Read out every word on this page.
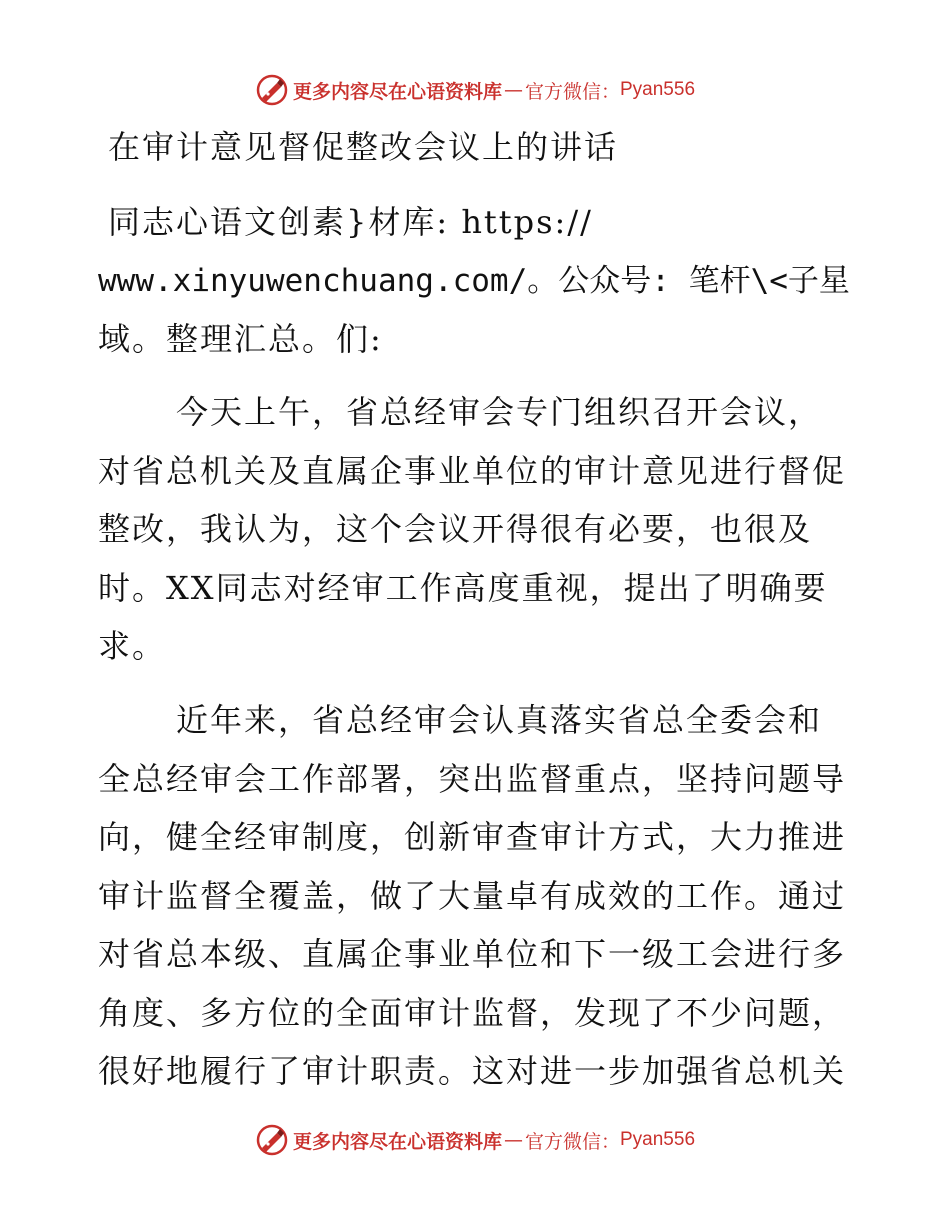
更多内容尽在心语资料库 — 官方微信： Pyan556
在审计意见督促整改会议上的讲话
同志心语文创素}材库: https://
www.xinyuwenchuang.com/。公众号: 笔杆\<子星
域。整理汇总。们:
今天上午，省总经审会专门组织召开会议，
对省总机关及直属企事业单位的审计意见进行督促
整改，我认为，这个会议开得很有必要，也很及
时。XX同志对经审工作高度重视，提出了明确要
求。
近年来，省总经审会认真落实省总全委会和
全总经审会工作部署，突出监督重点，坚持问题导
向，健全经审制度，创新审查审计方式，大力推进
审计监督全覆盖，做了大量卓有成效的工作。通过
对省总本级、直属企事业单位和下一级工会进行多
角度、多方位的全面审计监督，发现了不少问题，
很好地履行了审计职责。这对进一步加强省总机关
更多内容尽在心语资料库 — 官方微信： Pyan556
